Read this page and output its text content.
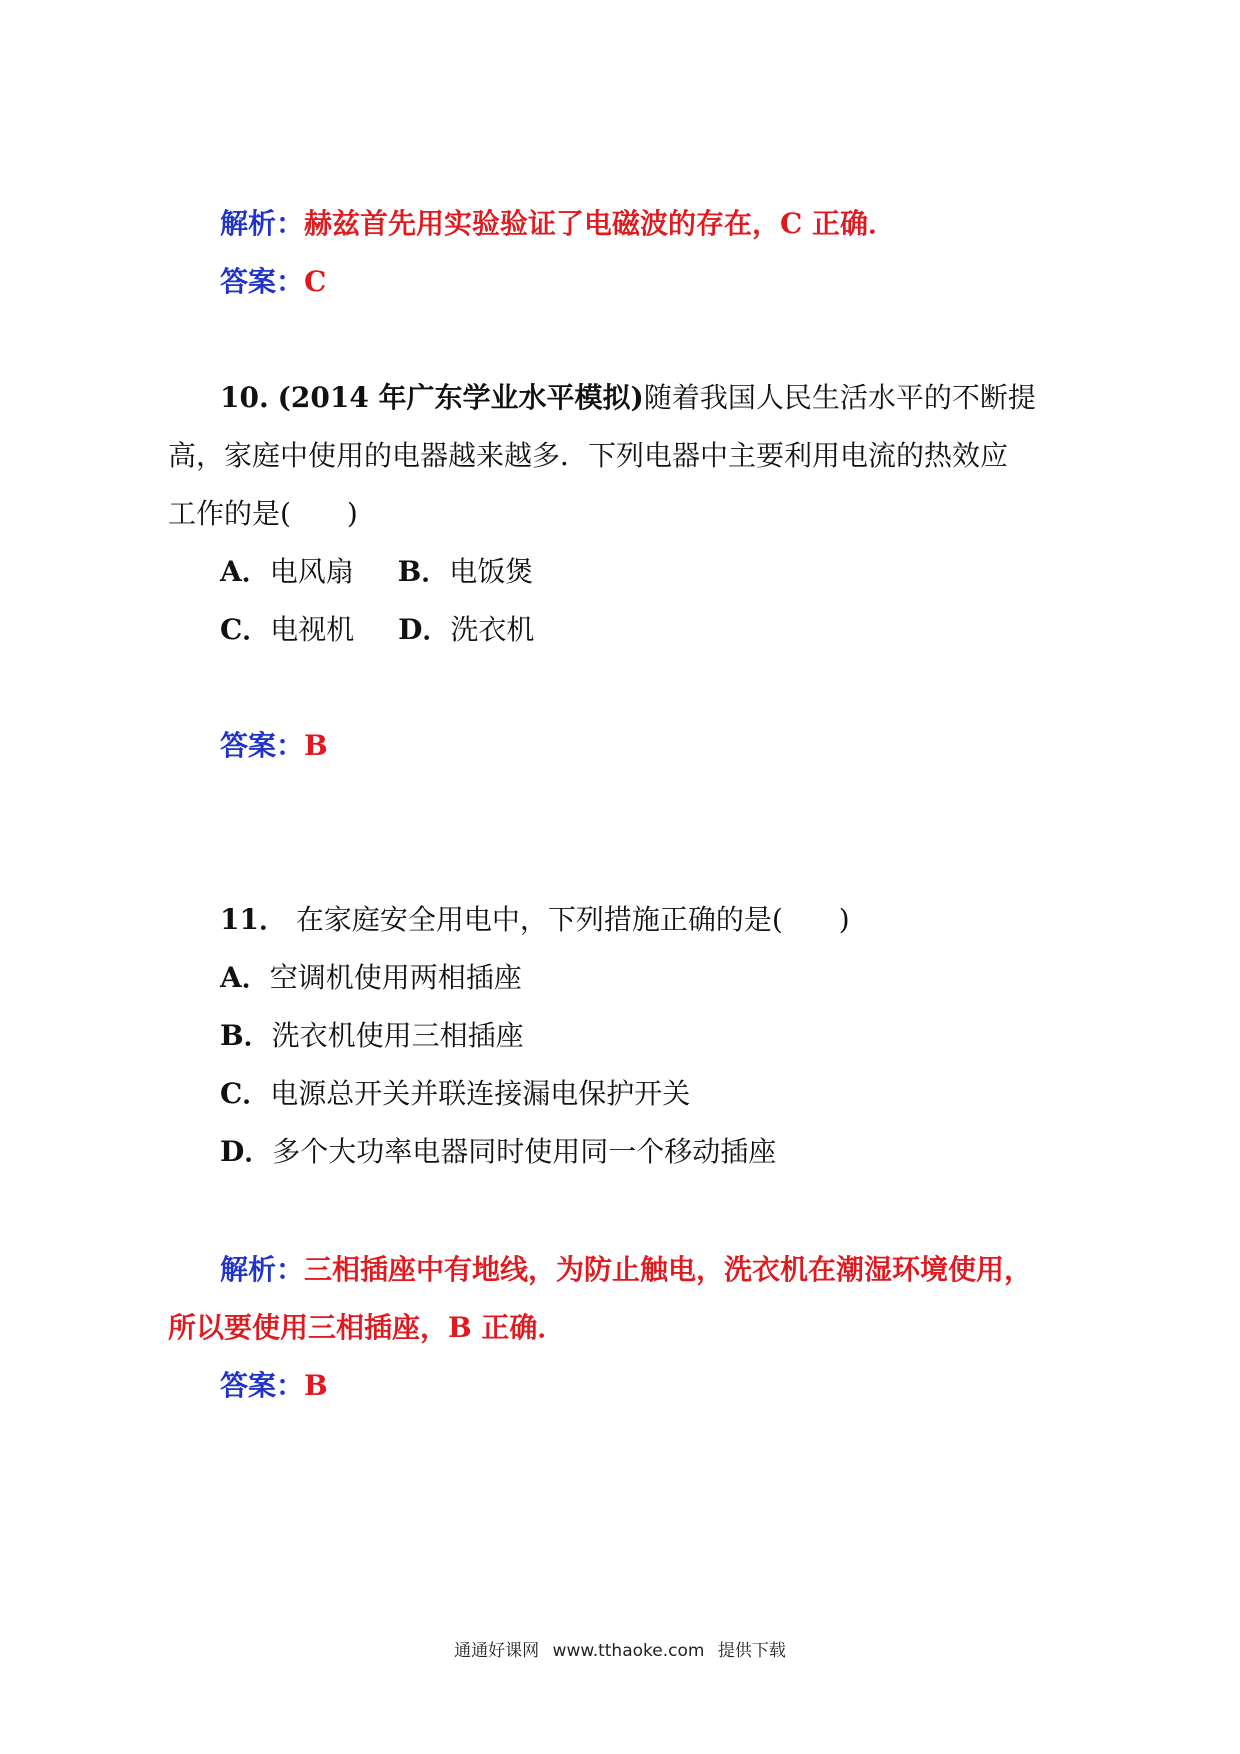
解析：赫兹首先用实验验证了电磁波的存在，C 正确．
答案：C
10. (2014 年广东学业水平模拟)随着我国人民生活水平的不断提
高，家庭中使用的电器越来越多．下列电器中主要利用电流的热效应
工作的是(　　)
A．电风扇 B．电饭煲
C．电视机 D．洗衣机
答案：B
11． 在家庭安全用电中，下列措施正确的是(　　)
A．空调机使用两相插座
B．洗衣机使用三相插座
C．电源总开关并联连接漏电保护开关
D．多个大功率电器同时使用同一个移动插座
解析：三相插座中有地线，为防止触电，洗衣机在潮湿环境使用，
所以要使用三相插座，B 正确．
答案：B
通通好课网 www.tthaoke.com 提供下载
